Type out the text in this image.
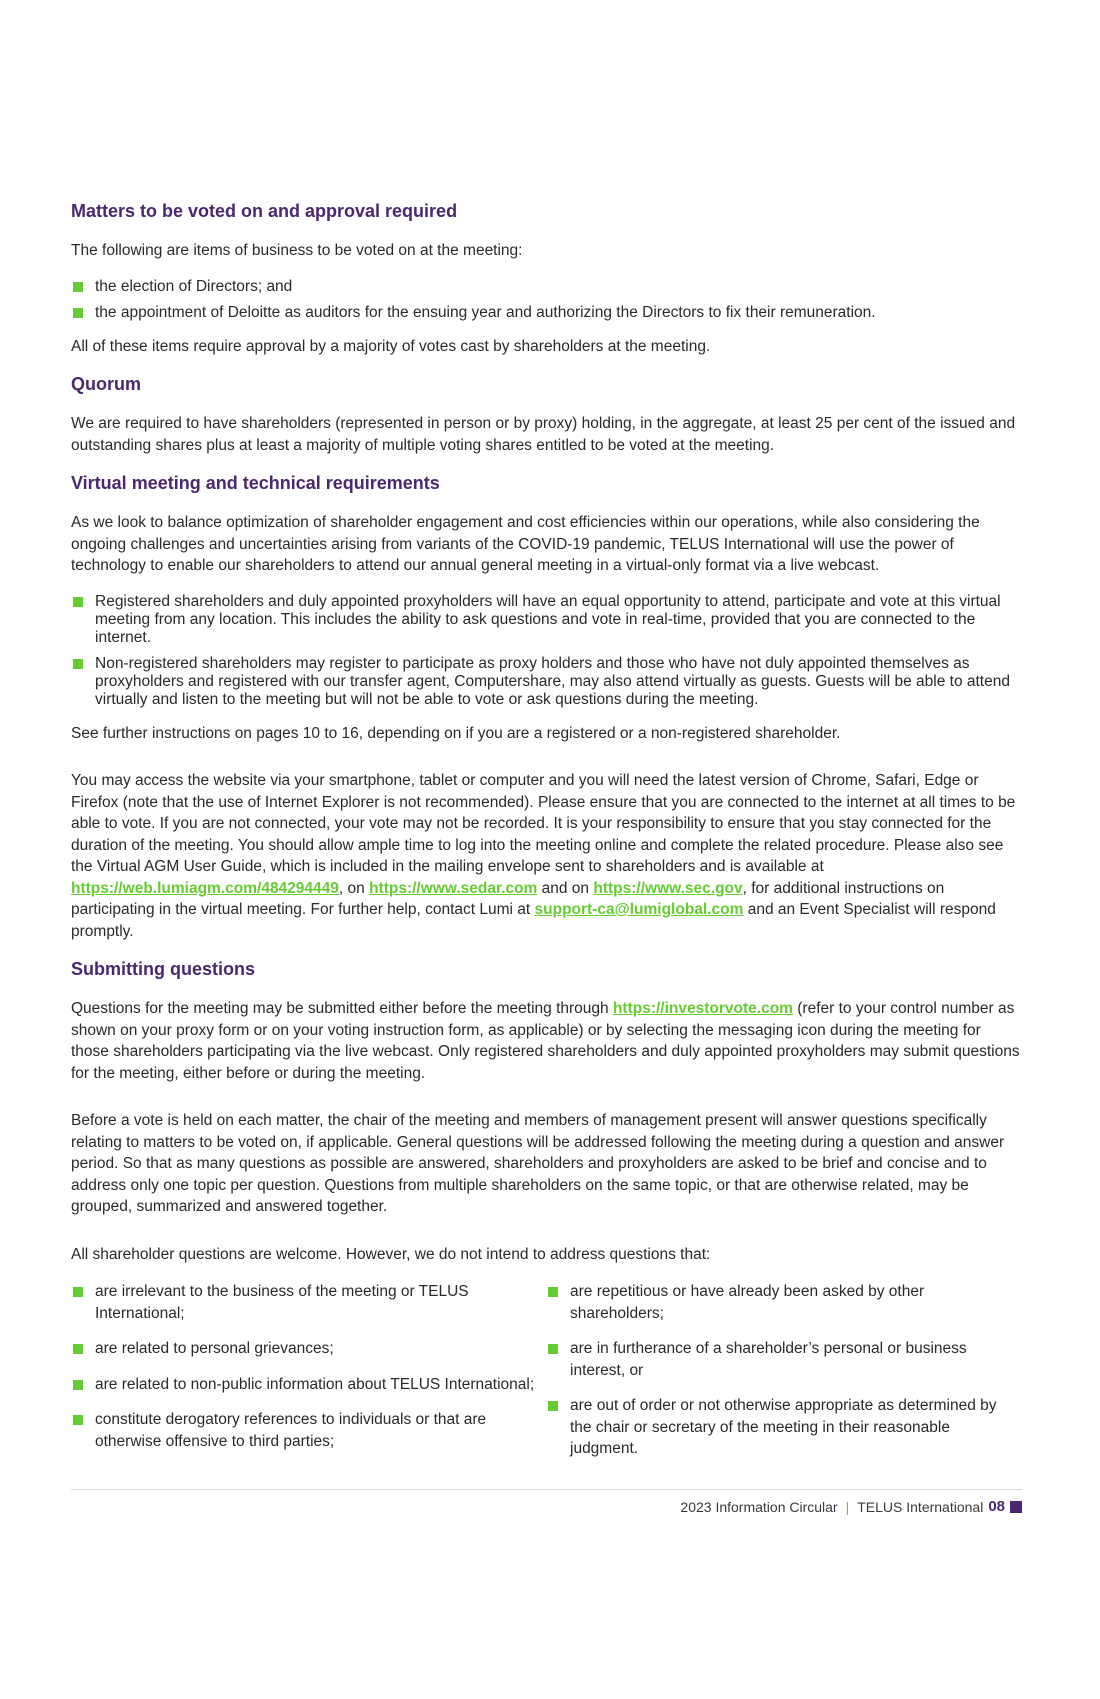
Matters to be voted on and approval required

The following are items of business to be voted on at the meeting:

the election of Directors; and
the appointment of Deloitte as auditors for the ensuing year and authorizing the Directors to fix their remuneration.

All of these items require approval by a majority of votes cast by shareholders at the meeting.

Quorum

We are required to have shareholders (represented in person or by proxy) holding, in the aggregate, at least 25 per cent of the issued and outstanding shares plus at least a majority of multiple voting shares entitled to be voted at the meeting.

Virtual meeting and technical requirements

As we look to balance optimization of shareholder engagement and cost efficiencies within our operations, while also considering the ongoing challenges and uncertainties arising from variants of the COVID-19 pandemic, TELUS International will use the power of technology to enable our shareholders to attend our annual general meeting in a virtual-only format via a live webcast.

Registered shareholders and duly appointed proxyholders will have an equal opportunity to attend, participate and vote at this virtual meeting from any location. This includes the ability to ask questions and vote in real-time, provided that you are connected to the internet.
Non-registered shareholders may register to participate as proxy holders and those who have not duly appointed themselves as proxyholders and registered with our transfer agent, Computershare, may also attend virtually as guests. Guests will be able to attend virtually and listen to the meeting but will not be able to vote or ask questions during the meeting.

See further instructions on pages 10 to 16, depending on if you are a registered or a non-registered shareholder.

You may access the website via your smartphone, tablet or computer and you will need the latest version of Chrome, Safari, Edge or Firefox (note that the use of Internet Explorer is not recommended). Please ensure that you are connected to the internet at all times to be able to vote. If you are not connected, your vote may not be recorded. It is your responsibility to ensure that you stay connected for the duration of the meeting. You should allow ample time to log into the meeting online and complete the related procedure. Please also see the Virtual AGM User Guide, which is included in the mailing envelope sent to shareholders and is available at https://web.lumiagm.com/484294449, on https://www.sedar.com and on https://www.sec.gov, for additional instructions on participating in the virtual meeting. For further help, contact Lumi at support-ca@lumiglobal.com and an Event Specialist will respond promptly.

Submitting questions

Questions for the meeting may be submitted either before the meeting through https://investorvote.com (refer to your control number as shown on your proxy form or on your voting instruction form, as applicable) or by selecting the messaging icon during the meeting for those shareholders participating via the live webcast. Only registered shareholders and duly appointed proxyholders may submit questions for the meeting, either before or during the meeting.

Before a vote is held on each matter, the chair of the meeting and members of management present will answer questions specifically relating to matters to be voted on, if applicable. General questions will be addressed following the meeting during a question and answer period. So that as many questions as possible are answered, shareholders and proxyholders are asked to be brief and concise and to address only one topic per question. Questions from multiple shareholders on the same topic, or that are otherwise related, may be grouped, summarized and answered together.

All shareholder questions are welcome. However, we do not intend to address questions that:

are irrelevant to the business of the meeting or TELUS International;
are related to personal grievances;
are related to non-public information about TELUS International;
constitute derogatory references to individuals or that are otherwise offensive to third parties;
are repetitious or have already been asked by other shareholders;
are in furtherance of a shareholder’s personal or business interest, or
are out of order or not otherwise appropriate as determined by the chair or secretary of the meeting in their reasonable judgment.
2023 Information Circular | TELUS International 08
